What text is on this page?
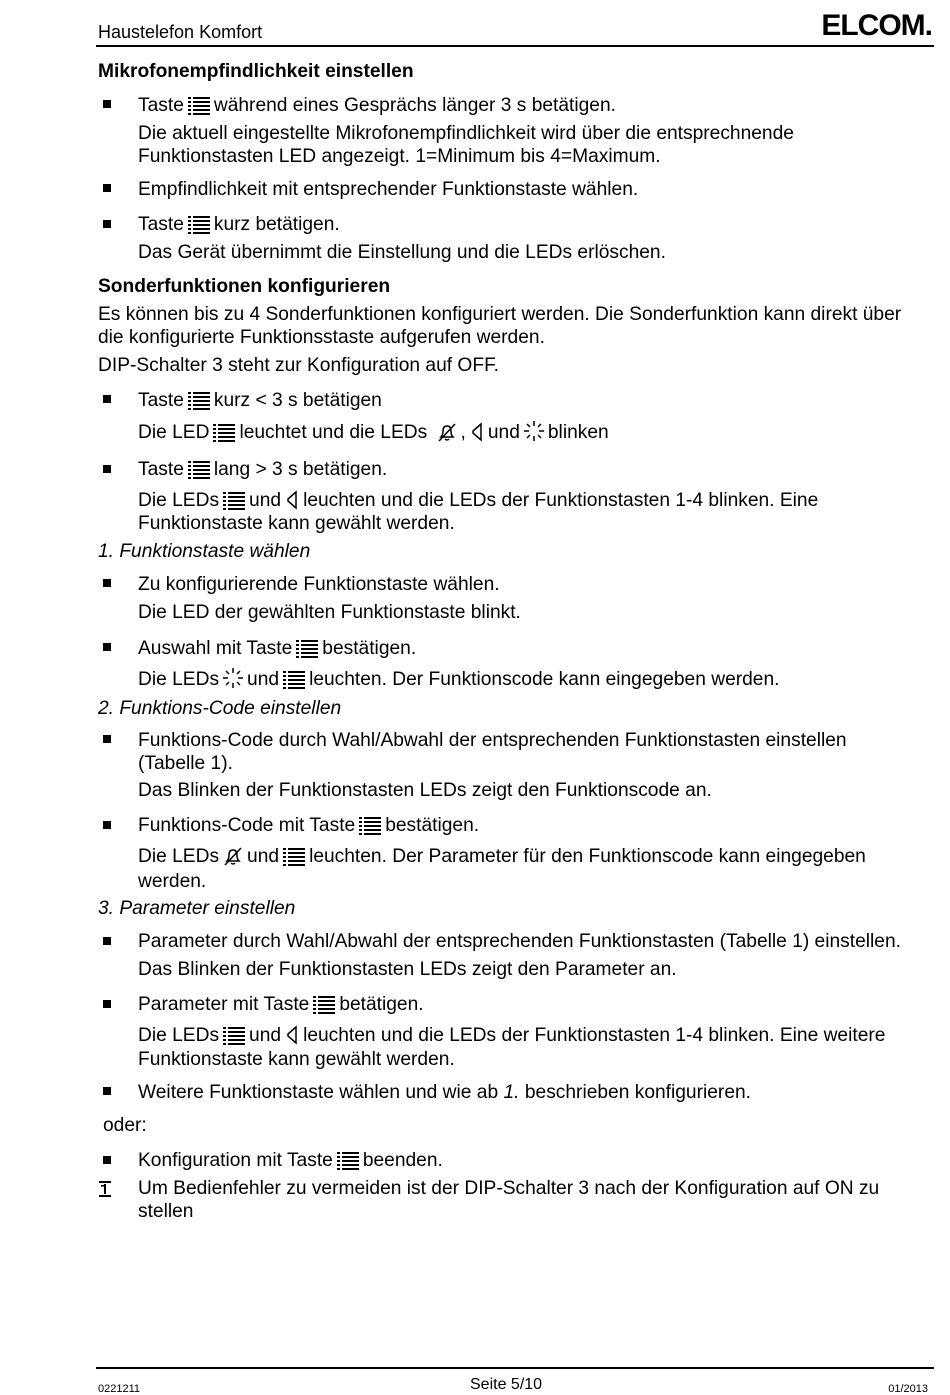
Haustelefon Komfort	ELCOM.
Mikrofonempfindlichkeit einstellen
Taste während eines Gesprächs länger 3 s betätigen.
Die aktuell eingestellte Mikrofonempfindlichkeit wird über die entsprechnende
Funktionstasten LED angezeigt. 1=Minimum bis 4=Maximum.
Empfindlichkeit mit entsprechender Funktionstaste wählen.
Taste kurz betätigen.
Das Gerät übernimmt die Einstellung und die LEDs erlöschen.
Sonderfunktionen konfigurieren
Es können bis zu 4 Sonderfunktionen konfiguriert werden. Die Sonderfunktion kann direkt über
die konfigurierte Funktionsstaste aufgerufen werden.
DIP-Schalter 3 steht zur Konfiguration auf OFF.
Taste kurz < 3 s betätigen
Die LED leuchtet und die LEDs , und blinken
Taste lang > 3 s betätigen.
Die LEDs und leuchten und die LEDs der Funktionstasten 1-4 blinken. Eine
Funktionstaste kann gewählt werden.
1. Funktionstaste wählen
Zu konfigurierende Funktionstaste wählen.
Die LED der gewählten Funktionstaste blinkt.
Auswahl mit Taste bestätigen.
Die LEDs und leuchten. Der Funktionscode kann eingegeben werden.
2. Funktions-Code einstellen
Funktions-Code durch Wahl/Abwahl der entsprechenden Funktionstasten einstellen
(Tabelle 1).
Das Blinken der Funktionstasten LEDs zeigt den Funktionscode an.
Funktions-Code mit Taste bestätigen.
Die LEDs und leuchten. Der Parameter für den Funktionscode kann eingegeben
werden.
3. Parameter einstellen
Parameter durch Wahl/Abwahl der entsprechenden Funktionstasten (Tabelle 1) einstellen.
Das Blinken der Funktionstasten LEDs zeigt den Parameter an.
Parameter mit Taste betätigen.
Die LEDs und leuchten und die LEDs der Funktionstasten 1-4 blinken. Eine weitere
Funktionstaste kann gewählt werden.
Weitere Funktionstaste wählen und wie ab 1. beschrieben konfigurieren.
oder:
Konfiguration mit Taste beenden.
Um Bedienfehler zu vermeiden ist der DIP-Schalter 3 nach der Konfiguration auf ON zu
stellen
0221211	Seite 5/10	01/2013
